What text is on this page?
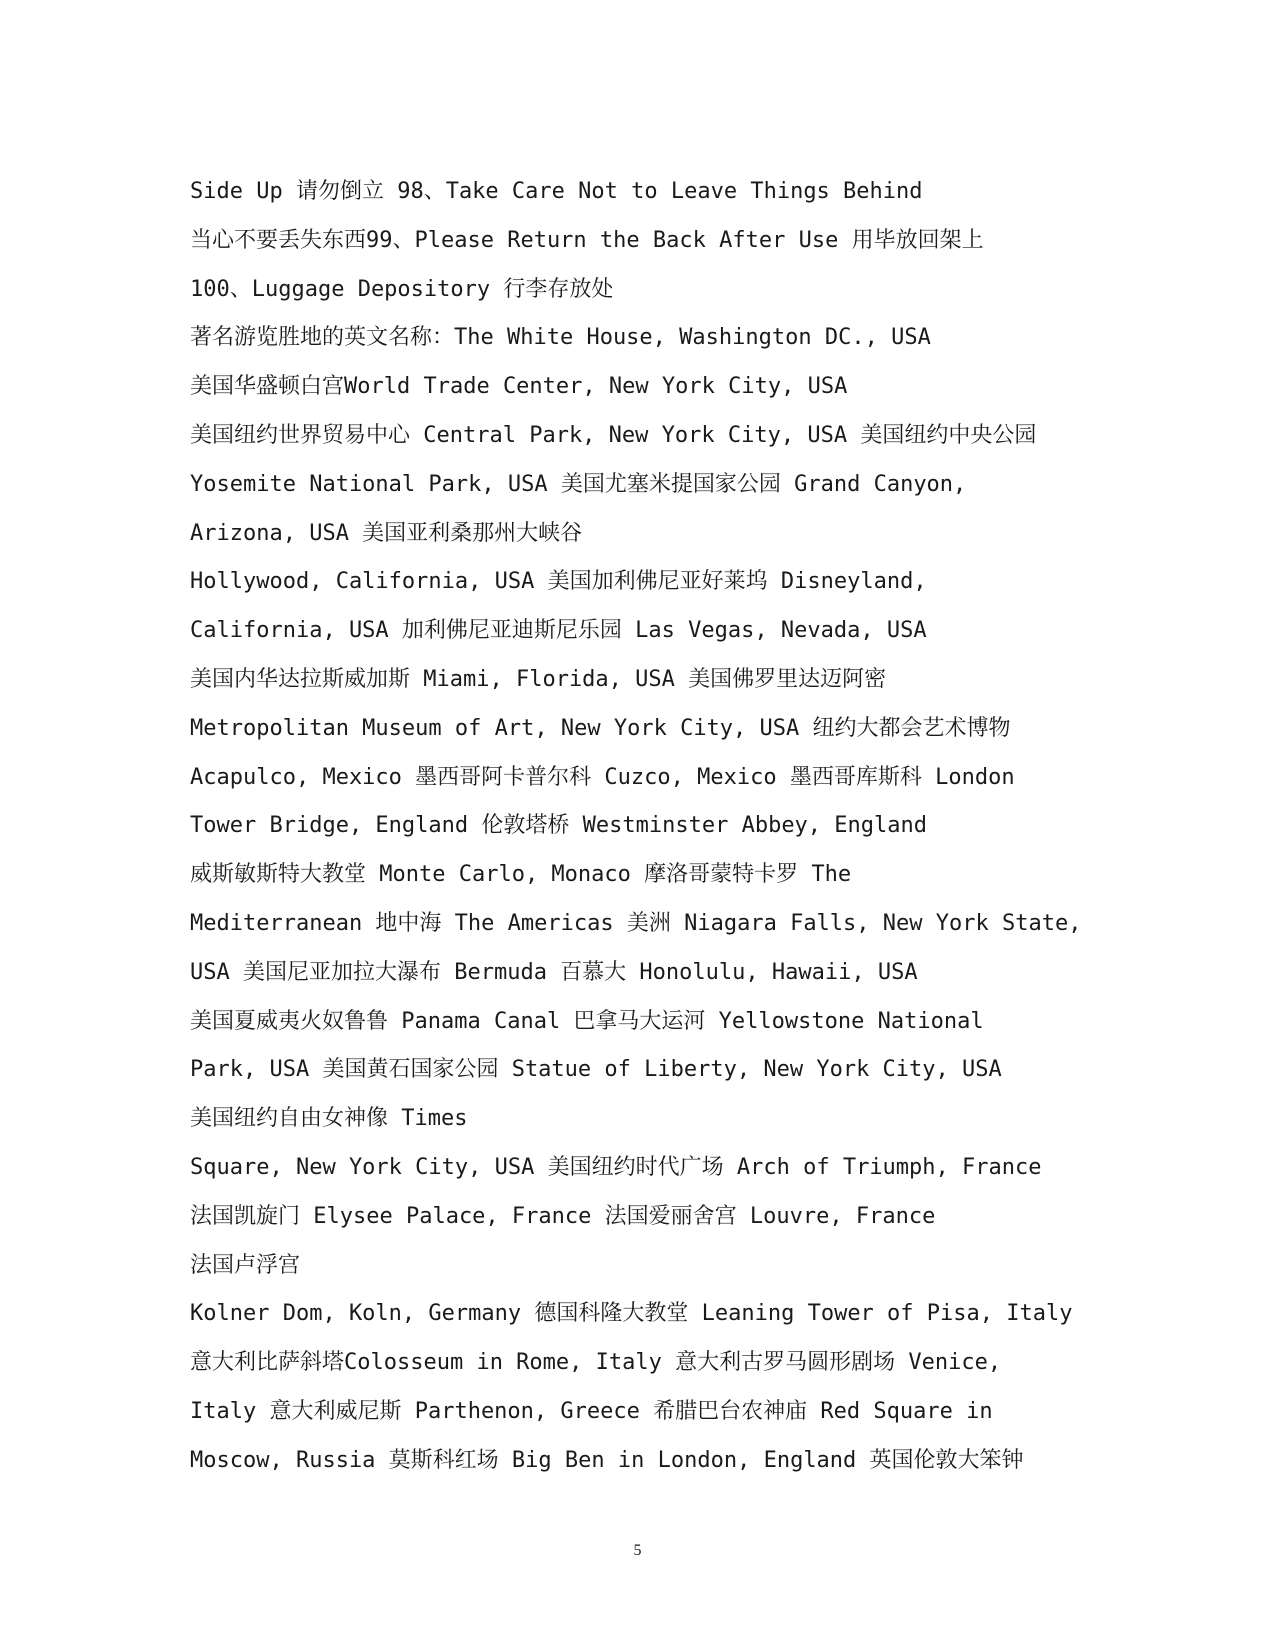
Side Up 请勿倒立 98、Take Care Not to Leave Things Behind
当心不要丢失东西99、Please Return the Back After Use 用毕放回架上
100、Luggage Depository 行李存放处
著名游览胜地的英文名称：The White House, Washington DC., USA
美国华盛顿白宫World Trade Center, New York City, USA
美国纽约世界贸易中心 Central Park, New York City, USA 美国纽约中央公园
Yosemite National Park, USA 美国尤塞米提国家公园 Grand Canyon,
Arizona, USA 美国亚利桑那州大峡谷
Hollywood, California, USA 美国加利佛尼亚好莱坞 Disneyland,
California, USA 加利佛尼亚迪斯尼乐园 Las Vegas, Nevada, USA
美国内华达拉斯威加斯 Miami, Florida, USA 美国佛罗里达迈阿密
Metropolitan Museum of Art, New York City, USA 纽约大都会艺术博物
Acapulco, Mexico 墨西哥阿卡普尔科 Cuzco, Mexico 墨西哥库斯科 London
Tower Bridge, England 伦敦塔桥 Westminster Abbey, England
威斯敏斯特大教堂 Monte Carlo, Monaco 摩洛哥蒙特卡罗 The
Mediterranean 地中海 The Americas 美洲 Niagara Falls, New York State,
USA 美国尼亚加拉大瀑布 Bermuda 百慕大 Honolulu, Hawaii, USA
美国夏威夷火奴鲁鲁 Panama Canal 巴拿马大运河 Yellowstone National
Park, USA 美国黄石国家公园 Statue of Liberty, New York City, USA
美国纽约自由女神像 Times
Square, New York City, USA 美国纽约时代广场 Arch of Triumph, France
法国凯旋门 Elysee Palace, France 法国爱丽舍宫 Louvre, France
法国卢浮宫
Kolner Dom, Koln, Germany 德国科隆大教堂 Leaning Tower of Pisa, Italy
意大利比萨斜塔Colosseum in Rome, Italy 意大利古罗马圆形剧场 Venice,
Italy 意大利威尼斯 Parthenon, Greece 希腊巴台农神庙 Red Square in
Moscow, Russia 莫斯科红场 Big Ben in London, England 英国伦敦大笨钟
5
